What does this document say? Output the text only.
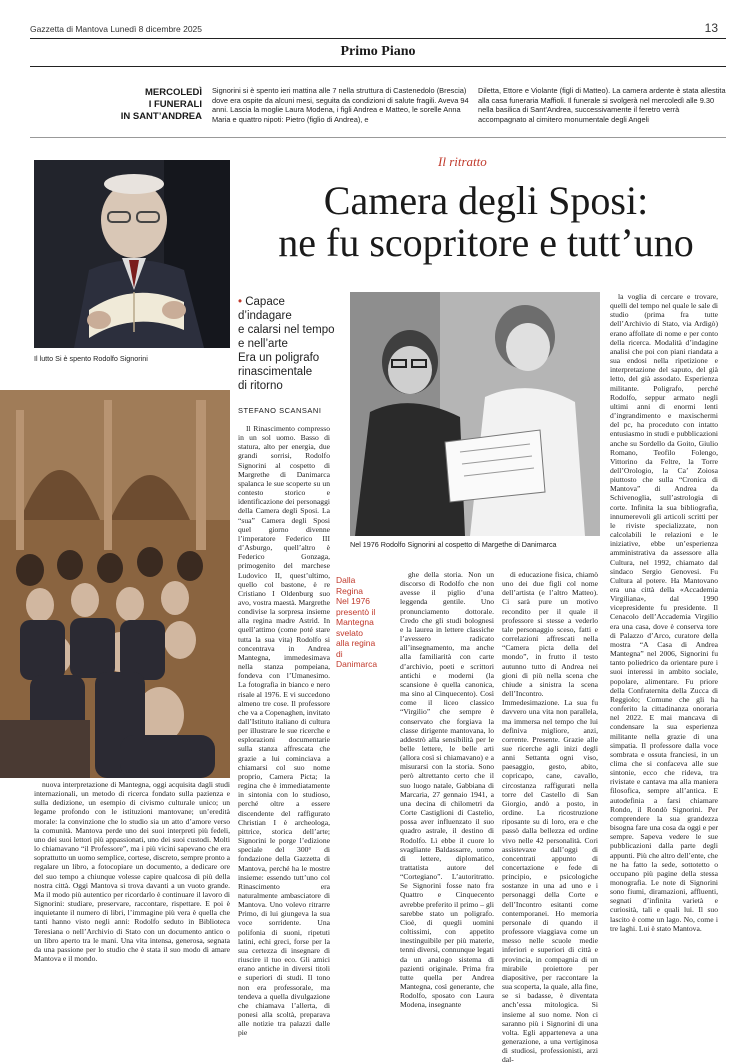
Gazzetta di Mantova Lunedì 8 dicembre 2025	13
Primo Piano
MERCOLEDÌ
I FUNERALI
IN SANT’ANDREA
Signorini si è spento ieri mattina alle 7 nella struttura di Castenedolo (Brescia) dove era ospite da alcuni mesi, seguita da condizioni di salute fragili. Aveva 94 anni. Lascia la moglie Laura Modena, i figli Andrea e Matteo, le sorelle Anna Maria e quattro nipoti: Pietro (figlio di Andrea), e
Diletta, Ettore e Violante (figli di Matteo). La camera ardente è stata allestita alla casa funeraria Maffioli. Il funerale si svolgerà nel mercoledì alle 9.30 nella basilica di Sant’Andrea, successivamente il feretro verrà accompagnato al cimitero monumentale degli Angeli
Il lutto Si è spento Rodolfo Signorini
Il ritratto
Camera degli Sposi:
ne fu scopritore e tutt’uno
• Capace
d’indagare
e calarsi nel tempo
e nell’arte
Era un poligrafo
rinascimentale
di ritorno
STEFANO SCANSANI
Nel 1976 Rodolfo Signorini al cospetto di Margethe di Danimarca
Dalla
Regina
Nel 1976
presentò il
Mantegna
svelato
alla regina
di
Danimarca

nuova interpretazione di Mantegna, oggi acquisita dagli studi internazionali, un metodo di ricerca fondato sulla pazienza e sulla dedizione, un esempio di civismo culturale unico; un legame profondo con le istituzioni mantovane; un’eredità morale: la convinzione che lo studio sia un atto d’amore verso la comunità. Mantova perde uno dei suoi interpreti più fedeli, uno dei suoi lettori più appassionati, uno dei suoi custodi. Molti lo chiamavano “il Professore”, ma i più vicini sapevano che era soprattutto un uomo semplice, cortese, discreto, sempre pronto a regalare un libro, a fotocopiare un documento, a dedicare ore del suo tempo a chiunque volesse capire qualcosa di più della nostra città. Oggi Mantova si trova davanti a un vuoto grande. Ma il modo più autentico per ricordarlo è continuare il lavoro di Signorini: studiare, preservare, raccontare, rispettare. E poi è inquietante il numero di libri, l’immagine più vera è quella che tanti hanno visto negli anni: Rodolfo seduto in Biblioteca Teresiana o nell’Archivio di Stato con un documento antico o un libro aperto tra le mani. Una vita intensa, generosa, segnata da una passione per lo studio che è stata il suo modo di amare Mantova e il mondo.

Il Rinascimento compresso in un sol uomo. Basso di statura, alto per energia, due grandi sorrisi, Rodolfo Signorini al cospetto di Margrethe di Danimarca spalanca le sue scoperte su un contesto storico e identificazione dei personaggi della Camera degli Sposi. La “sua” Camera degli Sposi quel giorno divenne l’imperatore Federico III d’Asburgo, quell’altro è Federico Gonzaga, primogenito del marchese Ludovico II, quest’ultimo, quello col bastone, è re Cristiano I Oldenburg suo avo, vostra maestà. Margrethe condivise la sorpresa insieme alla regina madre Astrid. In quell’attimo (come poté stare tutta la sua vita) Rodolfo si concentrava in Andrea Mantegna, immedesimava nella stanza pompeiana, fondeva con l’Umanesimo. La fotografia in bianco e nero risale al 1976. E vi succedono almeno tre cose. Il professore che va a Copenaghen, invitato dall’Istituto italiano di cultura per illustrare le sue ricerche e esplorazioni documentarie sulla stanza affrescata che grazie a lui cominciava a chiamarsi col suo nome proprio, Camera Picta; la regina che è immediatamente in sintonia con lo studioso, perché oltre a essere discendente del raffigurato Christian I è archeologa, pittrice, storica dell’arte; Signorini le porge l’edizione speciale del 300° di fondazione della Gazzetta di Mantova, perché ha le mostre insieme: essendo tutt’uno col Rinascimento era naturalmente ambasciatore di Mantova. Uno volevo ritrarre Primo, di lui giungeva la sua voce sorridente. Una polifonia di suoni, ripetuti latini, echi greci, forse per la sua certezza di insegnare di riuscire il tuo eco. Gli amici erano antiche in diversi titoli e superiori di studi. Il tono non era professorale, ma tendeva a quella divulgazione che chiamava l’allerta, di ponesi alla scoltà, preparava alle notizie tra palazzi dalle pie

ghe della storia. Non un discorso di Rodolfo che non avesse il piglio d’una leggenda gentile. Uno pronunciamento dottorale. Credo che gli studi bolognesi e la laurea in lettere classiche l’avessero radicato all’insegnamento, ma anche alla familiarità con carte d’archivio, poeti e scrittori antichi e moderni (la scansione è quella canonica, ma sino al Cinquecento). Così come il liceo classico “Virgilio” che sempre è conservato che forgiava la classe dirigente mantovana, lo addestrò alla sensibilità per le belle lettere, le belle arti (allora così si chiamavano) e a misurarsi con la storia. Sono però altrettanto certo che il suo luogo natale, Gabbiana di Marcaria, 27 gennaio 1941, a una decina di chilometri da Corte Castiglioni di Castelio, possa aver influenzato il suo quadro astrale, il destino di Rodolfo. Lì ebbe il cuore lo svagliante Baldassarre, uomo di lettere, diplomatico, trattatista autore del “Cortegiano”. L’autoritratto. Se Signorini fosse nato fra Quattro e Cinquecento avrebbe preferito il primo – gli sarebbe stato un poligrafo. Cioè, di quegli uomini coltissimi, con appetito inestinguibile per più materie, tenni diversi, connunque legati da un analogo sistema di pazienti originale. Prima fra tutte quella per Andrea Mantegna, così generante, che Rodolfo, sposato con Laura Modena, insegnante

di educazione fisica, chiamò uno dei due figli col nome dell’artista (e l’altro Matteo). Ci sarà pure un motivo recondito per il quale il professore si stesse a vederlo tale personaggio sceso, fatti e correlazioni affrescati nella “Camera picta della del mondo”, in frutto il testo autunno tutto di Andrea nei gioni di più nella scena che chiude a sinistra la scena dell’Incontro. Immedesimazione. La sua fu davvero una vita non parallela, ma immersa nel tempo che lui definiva migliore, anzi, corrente. Presente. Grazie alle sue ricerche agli inizi degli anni Settanta ogni viso, paesaggio, gesto, abito, copricapo, cane, cavallo, circostanza raffigurati nella torre del Castello di San Giorgio, andò a posto, in ordine. La ricostruzione riposante su di loro, era e che passò dalla bellezza ed ordine vivo nelle 42 personalità. Cori assistevaxe dall’oggi di concentrati appunto di concertazione e fede di principio, e psicologiche sostanze in una ad uno e i personaggi della Corte e dell’Incontro esitanti come contemporanei. Ho memoria personale di quando il professore viaggiava come un messo nelle scuole medie inferiori e superiori di città e provincia, in compagnia di un mirabile proiettore per diapositive, per raccontare la sua scoperta, la quale, alla fine, se si badasse, è diventata anch’essa mitologica. Si insieme al suo nome. Non ci saranno più i Signorini di una volta. Egli apparteneva a una generazione, a una vertiginosa di studiosi, professionisti, arzi dal-

la voglia di cercare e trovare, quelli del tempo nel quale le sale di studio (prima fra tutte dell’Archivio di Stato, via Ardigò) erano affollate di nome e per conto della ricerca. Modalità d’indagine analisi che poi con piani riandata a sua endosi nella ripetizione e interpretazione del saputo, del già letto, del già assodato. Esperienza militante. Poligrafo, perché Rodolfo, seppur armato negli ultimi anni di enormi lenti d’ingrandimento e maxischermi del pc, ha proceduto con intatto entusiasmo in studi e pubblicazioni anche su Sordello da Goito, Giulio Romano, Teofilo Folengo, Vittorino da Feltre, la Torre dell’Orologio, la Ca’ Zoiosa piuttosto che sulla “Cronica di Mantova” di Andrea da Schivenoglia, sull’astrologia di corte. Infinita la sua bibliografia, innumerevoli gli articoli scritti per le riviste specializzate, non calcolabili le relazioni e le iniziative, ebbe un’esperienza amministrativa da assessore alla Cultura, nel 1992, chiamato dal sindaco Sergio Genovesi. Fu Cultura al potere. Ha Mantovano era una città della «Accademia Virgiliana», dal 1990 vicepresidente fu presidente. Il Cenacolo dell’Accademia Virgilio era una casa, dove è conserva tore di Palazzo d’Arco, curatore della mostra “A Casa di Andrea Mantegna” nel 2006, Signorini fu tanto poliedrico da orientare pure i suoi interessi in ambito sociale, popolare, alimentare. Fu priore della Confraternita della Zucca di Reggiolo; Comune che gli ha conferito la cittadinanza onoraria nel 2022. E mai mancava di condensare la sua esperienza militante nella grazie di una simpatia. Il professore dalla voce sombrata e ossuta franciesi, in un clima che si confaceva alle sue sintonie, ecco che rideva, tra rivistate e cantava ma alla maniera filosofica, sempre all’antica. E autodefinia a farsi chiamare Rondo, il Rondò Signorini. Per comprendere la sua grandezza bisogna fare una cosa da oggi e per sempre. Sapeva vedere le sue pubblicazioni dalla parte degli appunti. Più che altro dell’ente, che ne ha fatto la sede, sottotetto o occupano più pagine della stessa monografia. Le note di Signorini sono fiumi, diramazioni, affluenti, segnati d’infinita varietà e curiosità, tali e quali lui. Il suo lascito è come un lago. No, come i tre laghi. Lui è stato Mantova.
